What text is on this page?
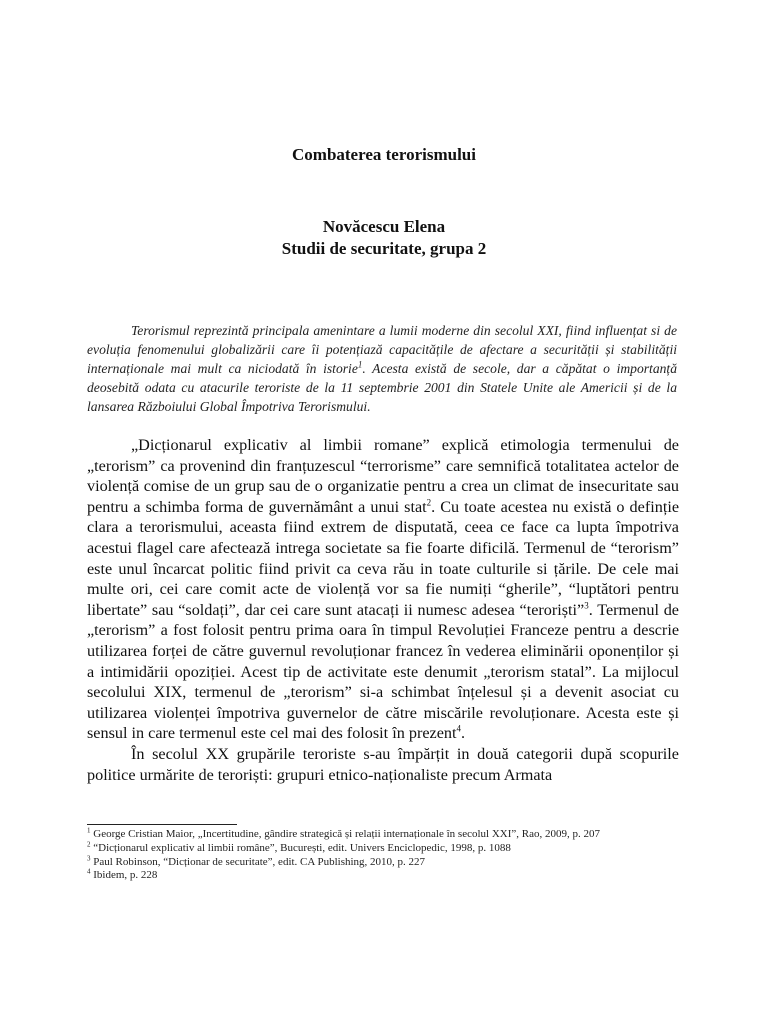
Combaterea terorismului
Novăcescu Elena
Studii de securitate, grupa 2

Terorismul reprezintă principala amenintare a lumii moderne din secolul XXI, fiind influențat si de evoluția fenomenului globalizării care îi potențiază capacitățile de afectare a securității și stabilității internaționale mai mult ca niciodată în istorie$^1$. Acesta există de secole, dar a căpătat o importanță deosebită odata cu atacurile teroriste de la 11 septembrie 2001 din Statele Unite ale Americii și de la lansarea Războiului Global Împotriva Terorismului.

„Dicționarul explicativ al limbii romane” explică etimologia termenului de „terorism” ca provenind din franțuzescul “terrorisme” care semnifică totalitatea actelor de violență comise de un grup sau de o organizatie pentru a crea un climat de insecuritate sau pentru a schimba forma de guvernământ a unui stat$^2$. Cu toate acestea nu există o definție clara a terorismului, aceasta fiind extrem de disputată, ceea ce face ca lupta împotriva acestui flagel care afectează intrega societate sa fie foarte dificilă. Termenul de “terorism” este unul încarcat politic fiind privit ca ceva rău in toate culturile si țările. De cele mai multe ori, cei care comit acte de violență vor sa fie numiți “gherile”, “luptători pentru libertate” sau “soldați”, dar cei care sunt atacați ii numesc adesea “teroriști”$^3$. Termenul de „terorism” a fost folosit pentru prima oara în timpul Revoluției Franceze pentru a descrie utilizarea forței de către guvernul revoluționar francez în vederea eliminării oponenților și a intimidării opoziției. Acest tip de activitate este denumit „terorism statal”. La mijlocul secolului XIX, termenul de „terorism” si-a schimbat înțelesul și a devenit asociat cu utilizarea violenței împotriva guvernelor de către miscările revoluționare. Acesta este și sensul in care termenul este cel mai des folosit în prezent$^4$.

În secolul XX grupările teroriste s-au împărțit in două categorii după scopurile politice urmărite de teroriști: grupuri etnico-naționaliste precum Armata

$^1$ George Cristian Maior, „Incertitudine, gândire strategică și relații internaționale în secolul XXI”, Rao, 2009, p. 207
$^2$ “Dicționarul explicativ al limbii române”, București, edit. Univers Enciclopedic, 1998, p. 1088
$^3$ Paul Robinson, “Dicționar de securitate”, edit. CA Publishing, 2010, p. 227
$^4$ Ibidem, p. 228
